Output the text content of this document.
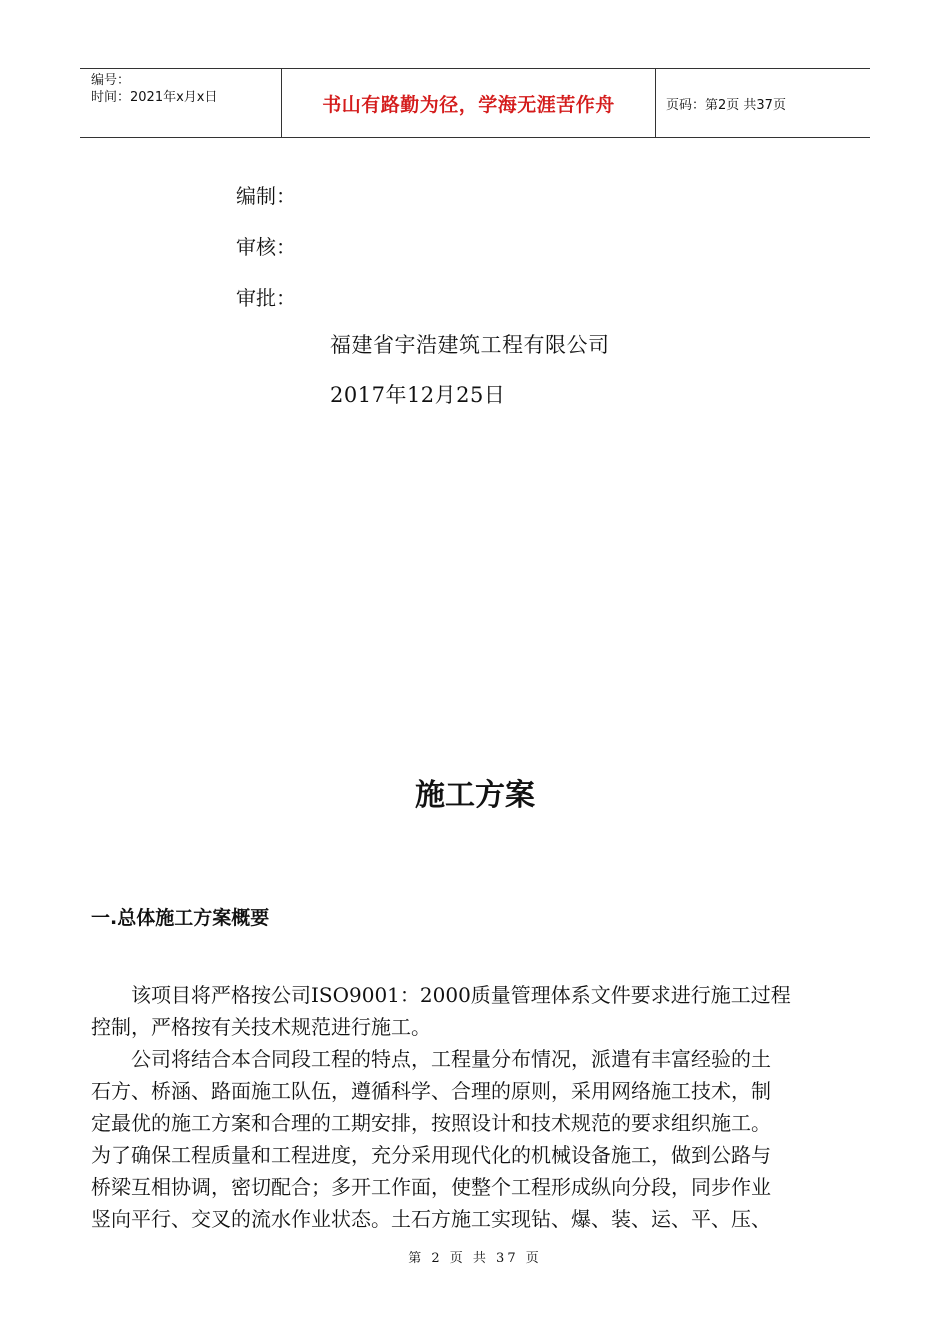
编号：
时间：2021年x月x日	书山有路勤为径，学海无涯苦作舟	页码：第2页 共37页
编制：
审核：
审批：
福建省宇浩建筑工程有限公司
2017年12月25日
施工方案
一.总体施工方案概要

该项目将严格按公司ISO9001：2000质量管理体系文件要求进行施工过程
控制，严格按有关技术规范进行施工。

公司将结合本合同段工程的特点，工程量分布情况，派遣有丰富经验的土
石方、桥涵、路面施工队伍，遵循科学、合理的原则，采用网络施工技术，制
定最优的施工方案和合理的工期安排，按照设计和技术规范的要求组织施工。
为了确保工程质量和工程进度，充分采用现代化的机械设备施工，做到公路与
桥梁互相协调，密切配合；多开工作面，使整个工程形成纵向分段，同步作业
竖向平行、交叉的流水作业状态。土石方施工实现钻、爆、装、运、平、压、

第 2 页 共 37 页
